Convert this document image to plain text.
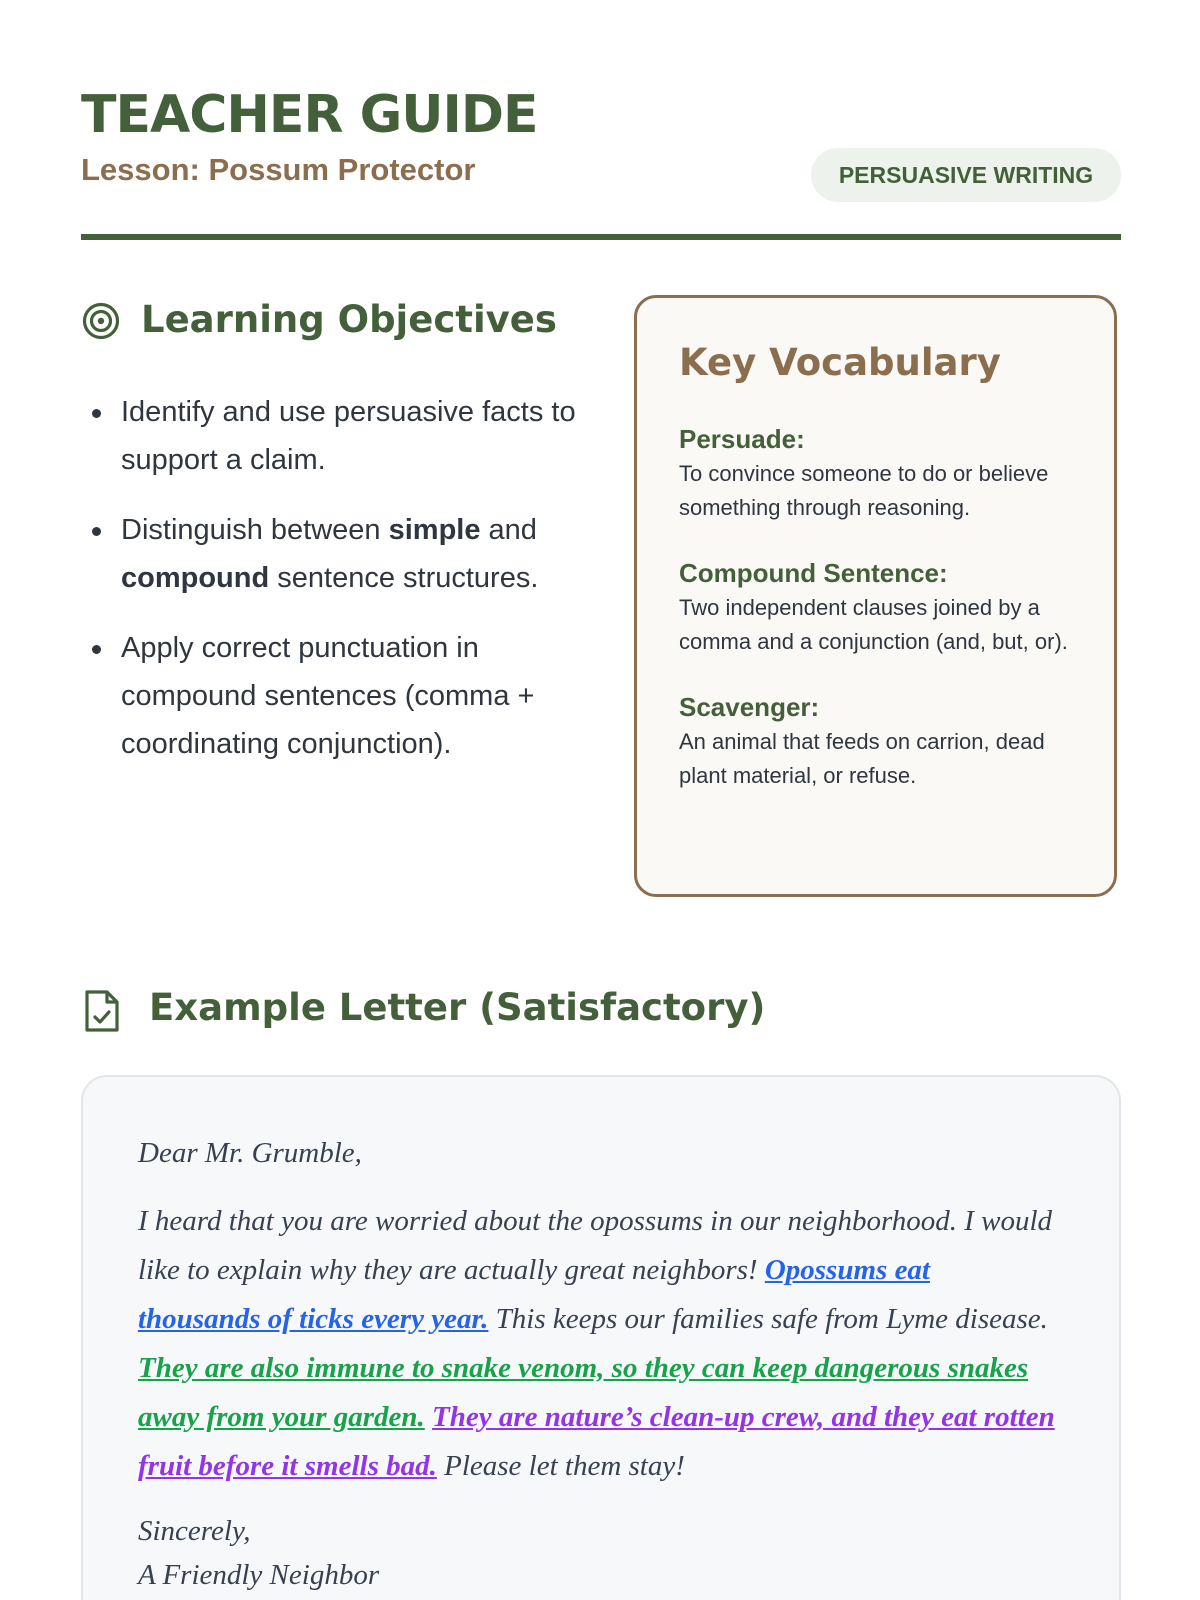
TEACHER GUIDE
Lesson: Possum Protector	PERSUASIVE WRITING
Learning Objectives
Identify and use persuasive facts to support a claim.
Distinguish between simple and compound sentence structures.
Apply correct punctuation in compound sentences (comma + coordinating conjunction).
Key Vocabulary
Persuade:
To convince someone to do or believe something through reasoning.
Compound Sentence:
Two independent clauses joined by a comma and a conjunction (and, but, or).
Scavenger:
An animal that feeds on carrion, dead plant material, or refuse.
Example Letter (Satisfactory)

Dear Mr. Grumble,

I heard that you are worried about the opossums in our neighborhood. I would like to explain why they are actually great neighbors! Opossums eat thousands of ticks every year. This keeps our families safe from Lyme disease. They are also immune to snake venom, so they can keep dangerous snakes away from your garden. They are nature’s clean-up crew, and they eat rotten fruit before it smells bad. Please let them stay!

Sincerely,

A Friendly Neighbor
